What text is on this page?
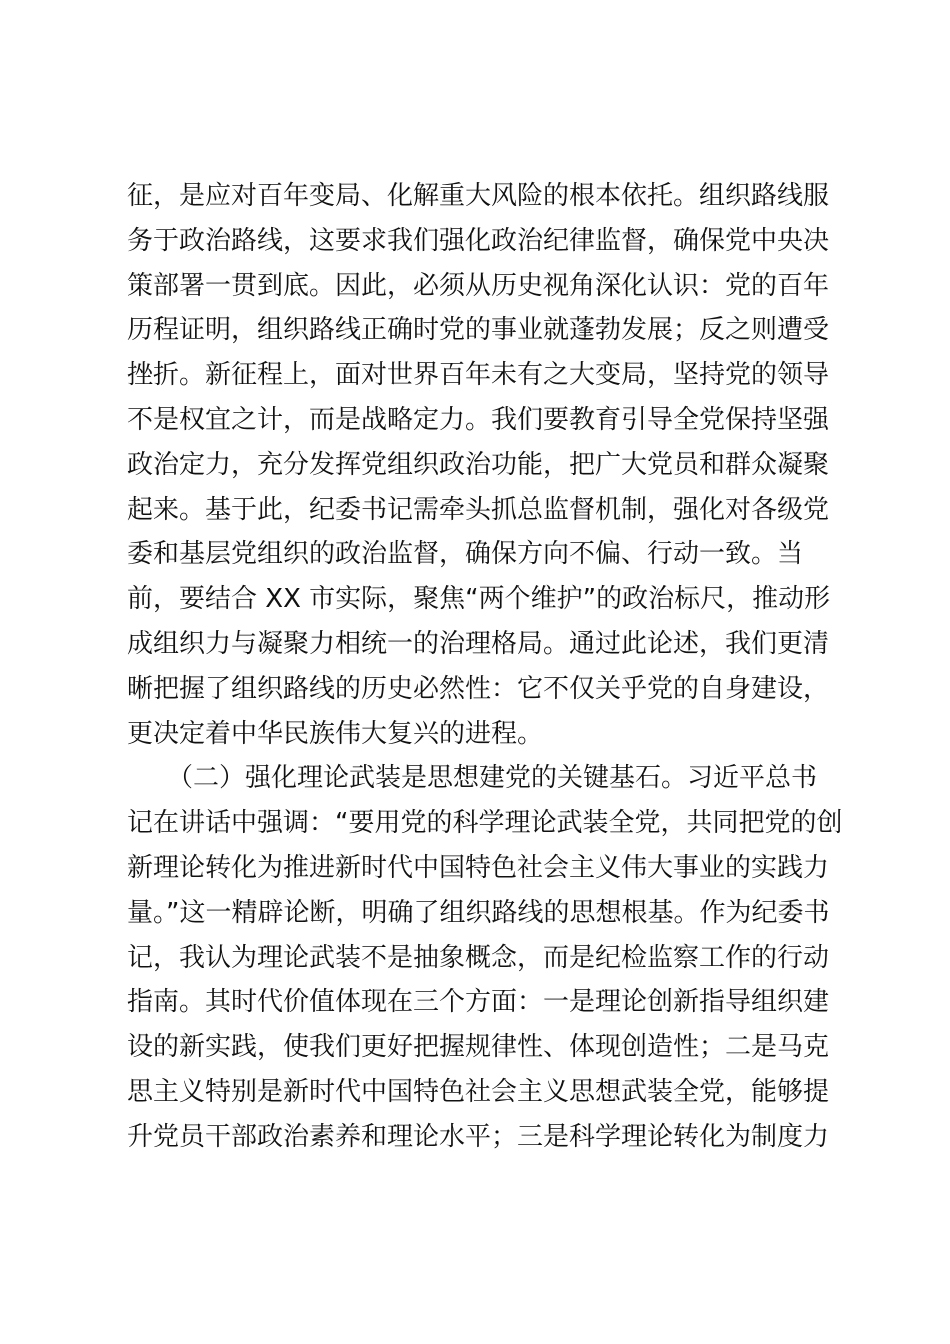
征，是应对百年变局、化解重大风险的根本依托。组织路线服
务于政治路线，这要求我们强化政治纪律监督，确保党中央决
策部署一贯到底。因此，必须从历史视角深化认识：党的百年
历程证明，组织路线正确时党的事业就蓬勃发展；反之则遭受
挫折。新征程上，面对世界百年未有之大变局，坚持党的领导
不是权宜之计，而是战略定力。我们要教育引导全党保持坚强
政治定力，充分发挥党组织政治功能，把广大党员和群众凝聚
起来。基于此，纪委书记需牵头抓总监督机制，强化对各级党
委和基层党组织的政治监督，确保方向不偏、行动一致。当
前，要结合 XX 市实际，聚焦“两个维护”的政治标尺，推动形
成组织力与凝聚力相统一的治理格局。通过此论述，我们更清
晰把握了组织路线的历史必然性：它不仅关乎党的自身建设，
更决定着中华民族伟大复兴的进程。
（二）强化理论武装是思想建党的关键基石。习近平总书
记在讲话中强调：“要用党的科学理论武装全党，共同把党的创
新理论转化为推进新时代中国特色社会主义伟大事业的实践力
量。”这一精辟论断，明确了组织路线的思想根基。作为纪委书
记，我认为理论武装不是抽象概念，而是纪检监察工作的行动
指南。其时代价值体现在三个方面：一是理论创新指导组织建
设的新实践，使我们更好把握规律性、体现创造性；二是马克
思主义特别是新时代中国特色社会主义思想武装全党，能够提
升党员干部政治素养和理论水平；三是科学理论转化为制度力
